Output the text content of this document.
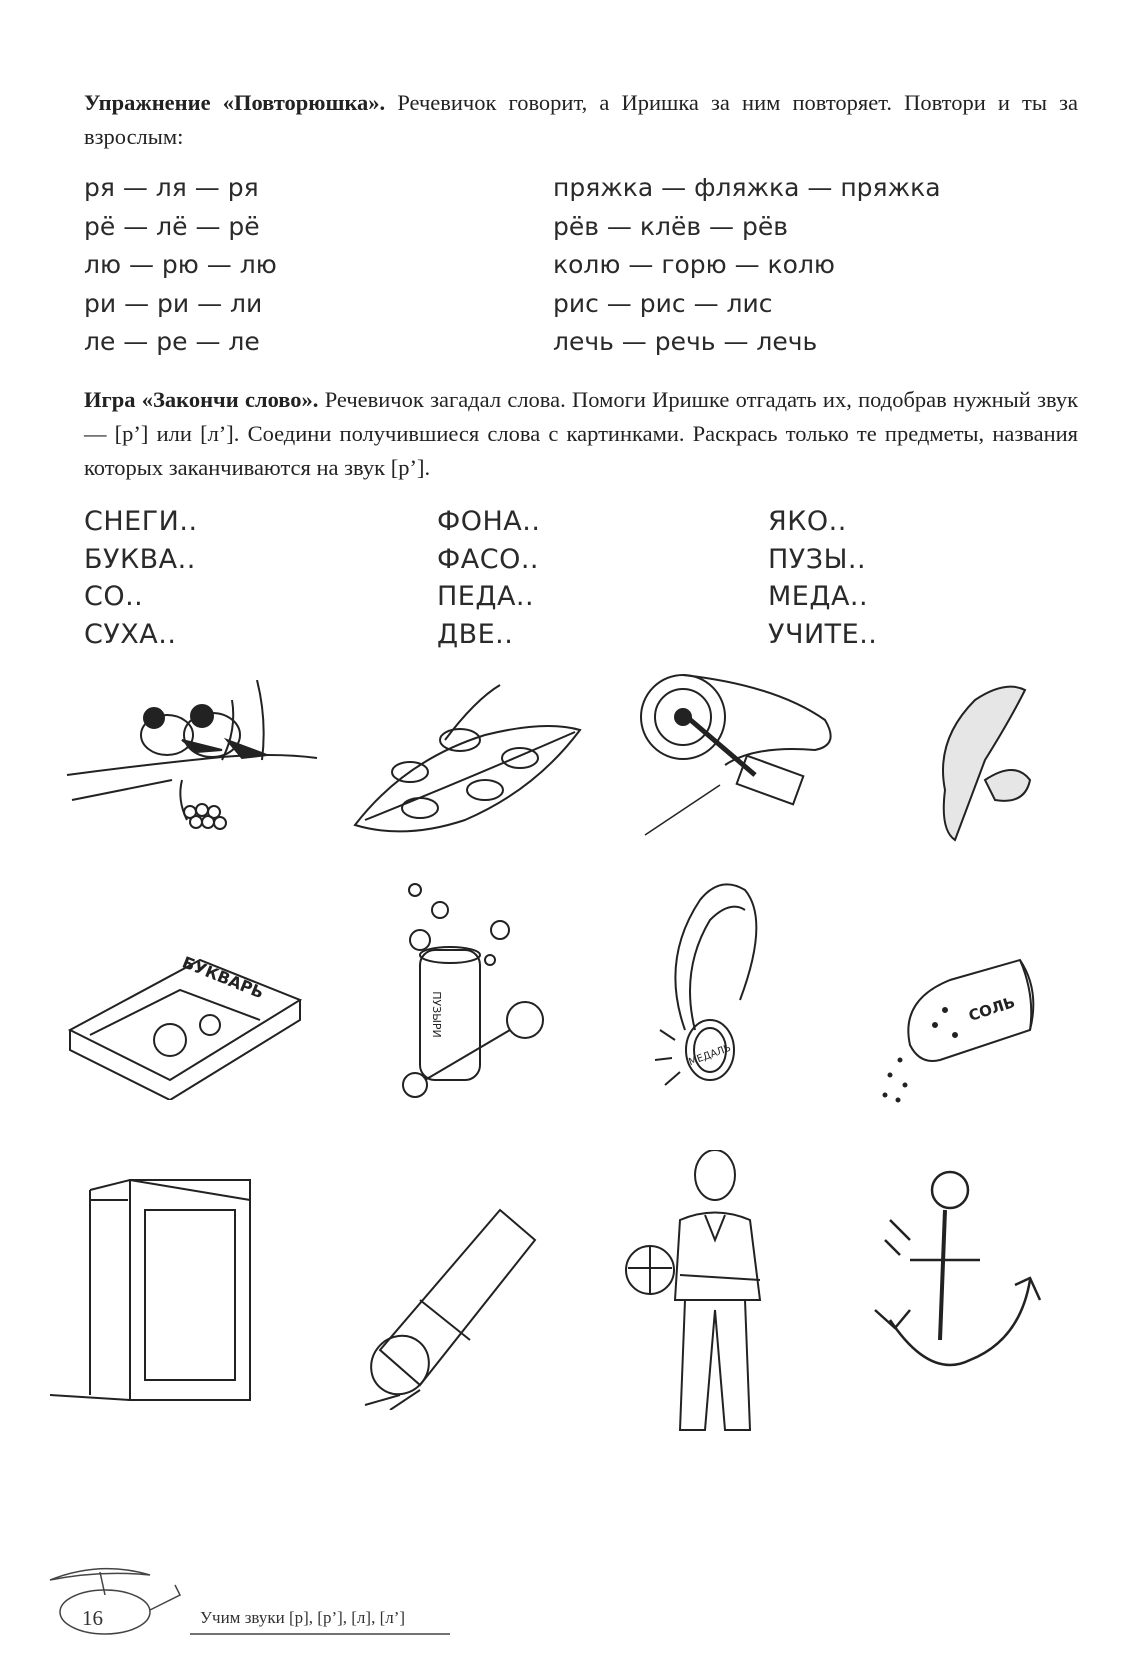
Упражнение «Повторюшка». Речевичок говорит, а Иришка за ним повторяет. Повтори и ты за взрослым:

ря — ля — ря
рё — лё — рё
лю — рю — лю
ри — ри — ли
ле — ре — ле
пряжка — фляжка — пряжка
рёв — клёв — рёв
колю — горю — колю
рис — рис — лис
лечь — речь — лечь

Игра «Закончи слово». Речевичок загадал слова. Помоги Иришке отгадать их, подобрав нужный звук — [р’] или [л’]. Соедини получившиеся слова с картинками. Раскрась только те предметы, названия которых заканчиваются на звук [р’].

СНЕГИ..
БУКВА..
СО..
СУХА..
ФОНА..
ФАСО..
ПЕДА..
ДВЕ..
ЯКО..
ПУЗЫ..
МЕДА..
УЧИТЕ..
БУКВАРЬ
ПУЗЫРИ
МЕДАЛЬ
СОЛЬ
16	Учим звуки [р], [р’], [л], [л’]
